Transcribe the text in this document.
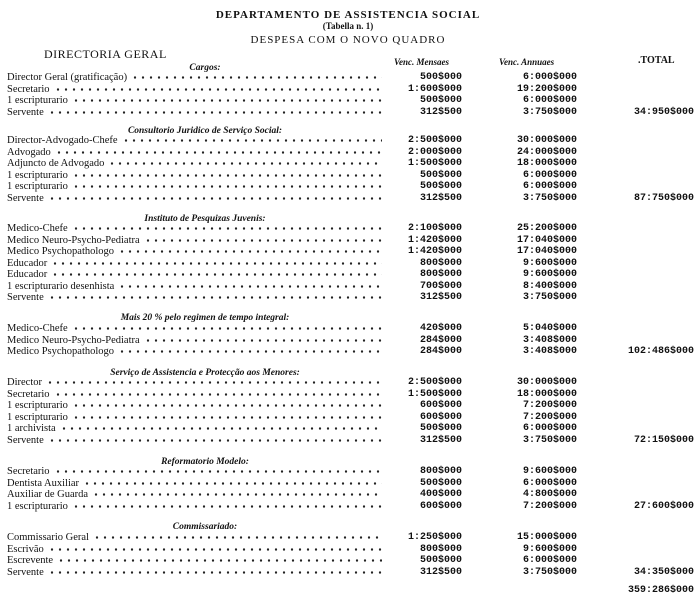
DEPARTAMENTO DE ASSISTENCIA SOCIAL
(Tabella n. 1)
DESPESA COM O NOVO QUADRO
DIRECTORIA GERAL
Venc. Mensaes	Venc. Annuaes	.TOTAL
Cargos:
Director Geral (gratificação)	500$000	6:000$000
Secretario	1:600$000	19:200$000
1 escripturario	500$000	6:000$000
Servente	312$500	3:750$000	34:950$000
Consultorio Juridico de Serviço Social:
Director-Advogado-Chefe	2:500$000	30:000$000
Advogado	2:000$000	24:000$000
Adjuncto de Advogado	1:500$000	18:000$000
1 escripturario	500$000	6:000$000
1 escripturario	500$000	6:000$000
Servente	312$500	3:750$000	87:750$000
Instituto de Pesquizas Juvenis:
Medico-Chefe	2:100$000	25:200$000
Medico Neuro-Psycho-Pediatra	1:420$000	17:040$000
Medico Psychopathologo	1:420$000	17:040$000
Educador	800$000	9:600$000
Educador	800$000	9:600$000
1 escripturario desenhista	700$000	8:400$000
Servente	312$500	3:750$000
Mais 20 % pelo regimen de tempo integral:
Medico-Chefe	420$000	5:040$000
Medico Neuro-Psycho-Pediatra	284$000	3:408$000
Medico Psychopathologo	284$000	3:408$000	102:486$000
Serviço de Assistencia e Protecção aos Menores:
Director	2:500$000	30:000$000
Secretario	1:500$000	18:000$000
1 escripturario	600$000	7:200$000
1 escripturario	600$000	7:200$000
1 archivista	500$000	6:000$000
Servente	312$500	3:750$000	72:150$000
Reformatorio Modelo:
Secretario	800$000	9:600$000
Dentista Auxiliar	500$000	6:000$000
Auxiliar de Guarda	400$000	4:800$000
1 escripturario	600$000	7:200$000	27:600$000
Commissariado:
Commissario Geral	1:250$000	15:000$000
Escrivão	800$000	9:600$000
Escrevente	500$000	6:000$000
Servente	312$500	3:750$000	34:350$000
359:286$000
